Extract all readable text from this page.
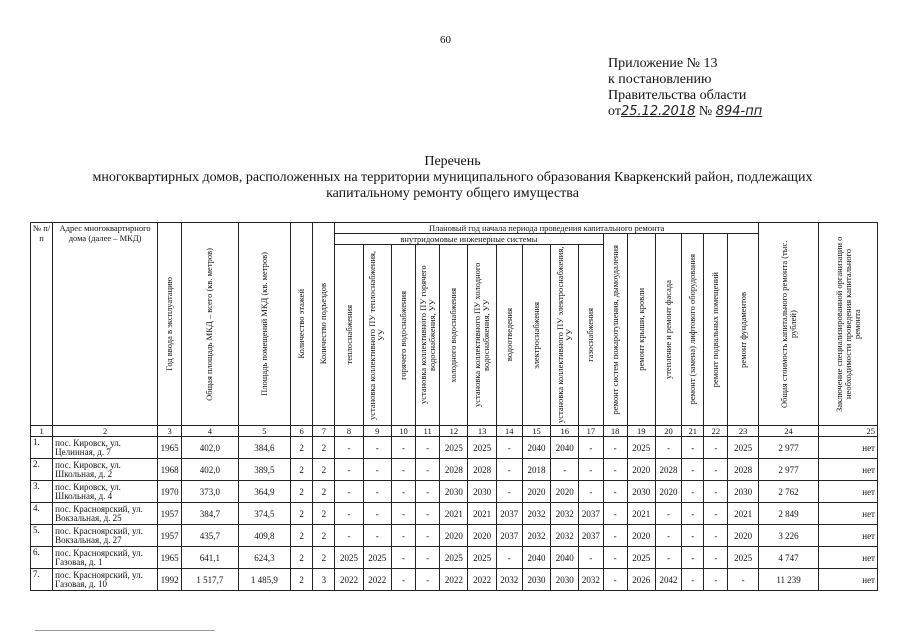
60
Приложение № 13
к постановлению
Правительства области
от25.12.2018 № 894-пп
Перечень
многоквартирных домов, расположенных на территории муниципального образования Кваркенский район, подлежащих
капитальному ремонту общего имущества
№ п/п	Адрес многоквартирного дома (далее – МКД)	Год ввода в эксплуатацию	Общая площадь МКД – всего (кв. метров)	Площадь помещений МКД (кв. метров)	Количество этажей	Количество подъездов	Плановый год начала периода проведения капитального ремонта																Общая стоимость капитального ремонта (тыс. рублей)	Заключение специализированной организации о необходимости проведения капитального ремонта

							внутридомовые инженерные системы										ремонт систем пожаротушения, дымоудаления	ремонт крыши, кровли	утепление и ремонт фасада	ремонт (замена) лифтового оборудования	ремонт подвальных помещений	ремонт фундаментов		

							теплоснабжения	установка коллективного ПУ теплоснабжения, УУ	горячего водоснабжения	установка коллективного ПУ горячего водоснабжения, УУ	холодного водоснабжения	установка коллективного ПУ холодного водоснабжения, УУ	водоотведения	электроснабжения	установка коллективного ПУ электроснабжения, УУ	газоснабжения								

1	2	3	4	5	6	7	8	9	10	11	12	13	14	15	16	17	18	19	20	21	22	23	24	25
1.	пос. Кировск, ул. Целинная, д. 7	1965	402,0	384,6	2	2	-	-	-	-	2025	2025	-	2040	2040	-	-	2025	-	-	-	2025	2 977	нет
2.	пос. Кировск, ул. Школьная, д. 2	1968	402,0	389,5	2	2	-	-	-	-	2028	2028	-	2018	-	-	-	2020	2028	-	-	2028	2 977	нет
3.	пос. Кировск, ул. Школьная, д. 4	1970	373,0	364,9	2	2	-	-	-	-	2030	2030	-	2020	2020	-	-	2030	2020	-	-	2030	2 762	нет
4.	пос. Красноярский, ул. Вокзальная, д. 25	1957	384,7	374,5	2	2	-	-	-	-	2021	2021	2037	2032	2032	2037	-	2021	-	-	-	2021	2 849	нет
5.	пос. Красноярский, ул. Вокзальная, д. 27	1957	435,7	409,8	2	2	-	-	-	-	2020	2020	2037	2032	2032	2037	-	2020	-	-	-	2020	3 226	нет
6.	пос. Красноярский, ул. Газовая, д. 1	1965	641,1	624,3	2	2	2025	2025	-	-	2025	2025	-	2040	2040	-	-	2025	-	-	-	2025	4 747	нет
7.	пос. Красноярский, ул. Газовая, д. 10	1992	1 517,7	1 485,9	2	3	2022	2022	-	-	2022	2022	2032	2030	2030	2032	-	2026	2042	-	-	-	11 239	нет
